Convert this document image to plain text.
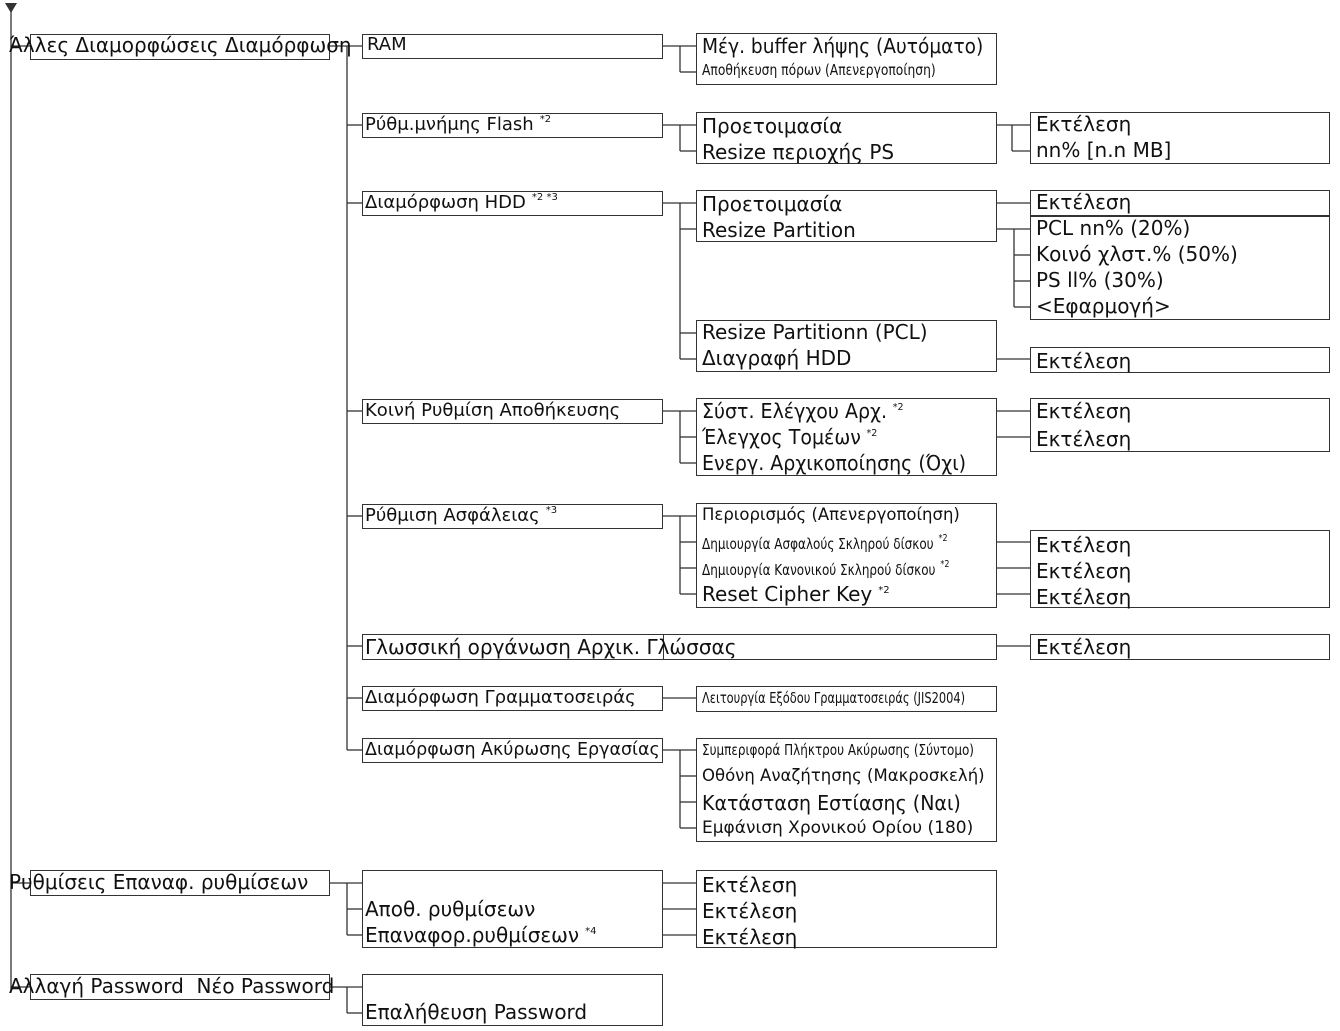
Άλλες Διαμορφώσεις Διαμόρφωση RAM	Μέγ. buffer λήψης (Αυτόματο)
Αποθήκευση πόρων (Απενεργοποίηση)
Ρύθμ.μνήμης Flash $^{*2}$	Προετοιμασία
Resize περιοχής PS
Εκτέλεση
nn% [n.n MB]
Διαμόρφωση HDD $^{*2 *3}$	Προετοιμασία
Resize Partition
Resize Partitionn (PCL)
Διαγραφή HDD
Εκτέλεση
PCL nn% (20%)
Κοινό χλστ.% (50%)
PS ll% (30%)
<Εφαρμογή>
Εκτέλεση
Κοινή Ρυθμίση Αποθήκευσης	Σύστ. Ελέγχου Αρχ. $^{*2}$
Έλεγχος Τομέων $^{*2}$
Ενεργ. Αρχικοποίησης (Όχι)
Εκτέλεση
Εκτέλεση
Ρύθμιση Ασφάλειας $^{*3}$	Περιορισμός (Απενεργοποίηση)
Δημιουργία Ασφαλούς Σκληρού δίσκου $^{*2}$
Δημιουργία Κανονικού Σκληρού δίσκου $^{*2}$
Reset Cipher Key $^{*2}$
Εκτέλεση
Εκτέλεση
Εκτέλεση
Γλωσσική οργάνωση Αρχικ. Γλώσσας	Εκτέλεση
Διαμόρφωση Γραμματοσειράς	Λειτουργία Εξόδου Γραμματοσειράς (JIS2004)
Διαμόρφωση Ακύρωσης Εργασίας	Συμπεριφορά Πλήκτρου Ακύρωσης (Σύντομο)
Οθόνη Αναζήτησης (Μακροσκελή)
Κατάσταση Εστίασης (Ναι)
Εμφάνιση Χρονικού Ορίου (180)
Ρυθμίσεις Επαναφ. ρυθμίσεων
Αποθ. ρυθμίσεων
Επαναφορ.ρυθμίσεων $^{*4}$
Εκτέλεση
Εκτέλεση
Εκτέλεση
Αλλαγή Password Νέο Password
Επαλήθευση Password
